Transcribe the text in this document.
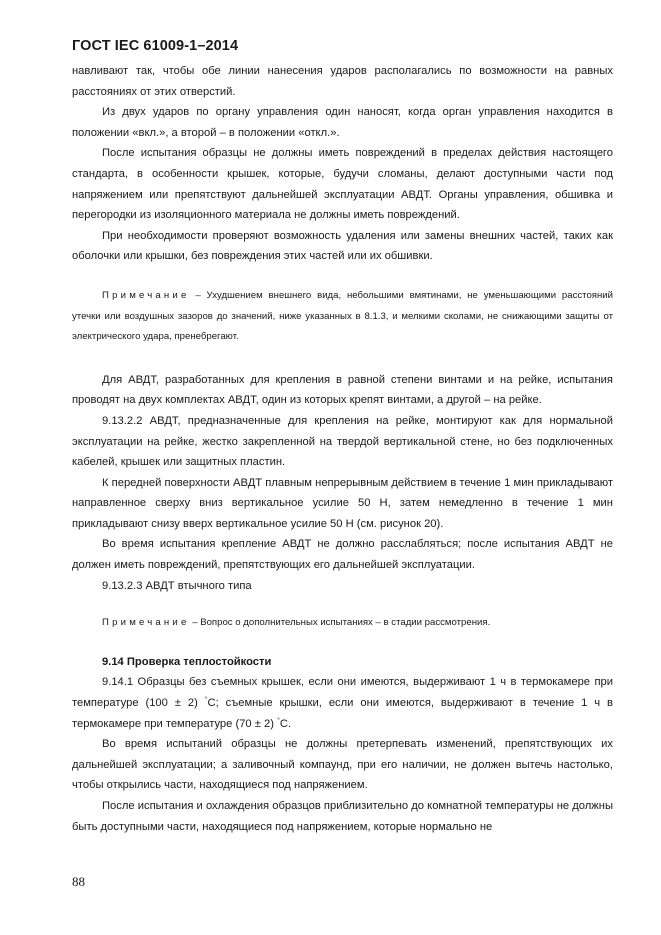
ГОСТ IEC 61009-1–2014

навливают так, чтобы обе линии нанесения ударов располагались по возможности на равных расстояниях от этих отверстий.

Из двух ударов по органу управления один наносят, когда орган управления находится в положении «вкл.», а второй – в положении «откл.».

После испытания образцы не должны иметь повреждений в пределах действия настоящего стандарта, в особенности крышек, которые, будучи сломаны, делают доступными части под напряжением или препятствуют дальнейшей эксплуатации АВДТ. Органы управления, обшивка и перегородки из изоляционного материала не должны иметь повреждений.

При необходимости проверяют возможность удаления или замены внешних частей, таких как оболочки или крышки, без повреждения этих частей или их обшивки.

Примечание – Ухудшением внешнего вида, небольшими вмятинами, не уменьшающими расстояний утечки или воздушных зазоров до значений, ниже указанных в 8.1.3, и мелкими сколами, не снижающими защиты от электрического удара, пренебрегают.

Для АВДТ, разработанных для крепления в равной степени винтами и на рейке, испытания проводят на двух комплектах АВДТ, один из которых крепят винтами, а другой – на рейке.

9.13.2.2 АВДТ, предназначенные для крепления на рейке, монтируют как для нормальной эксплуатации на рейке, жестко закрепленной на твердой вертикальной стене, но без подключенных кабелей, крышек или защитных пластин.

К передней поверхности АВДТ плавным непрерывным действием в течение 1 мин прикладывают направленное сверху вниз вертикальное усилие 50 Н, затем немедленно в течение 1 мин прикладывают снизу вверх вертикальное усилие 50 Н (см. рисунок 20).

Во время испытания крепление АВДТ не должно расслабляться; после испытания АВДТ не должен иметь повреждений, препятствующих его дальнейшей эксплуатации.

9.13.2.3 АВДТ втычного типа

Примечание – Вопрос о дополнительных испытаниях – в стадии рассмотрения.

9.14 Проверка теплостойкости

9.14.1 Образцы без съемных крышек, если они имеются, выдерживают 1 ч в термокамере при температуре (100 ± 2) °С; съемные крышки, если они имеются, выдерживают в течение 1 ч в термокамере при температуре (70 ± 2) °С.

Во время испытаний образцы не должны претерпевать изменений, препятствующих их дальнейшей эксплуатации; а заливочный компаунд, при его наличии, не должен вытечь настолько, чтобы открылись части, находящиеся под напряжением.

После испытания и охлаждения образцов приблизительно до комнатной температуры не должны быть доступными части, находящиеся под напряжением, которые нормально не

88
